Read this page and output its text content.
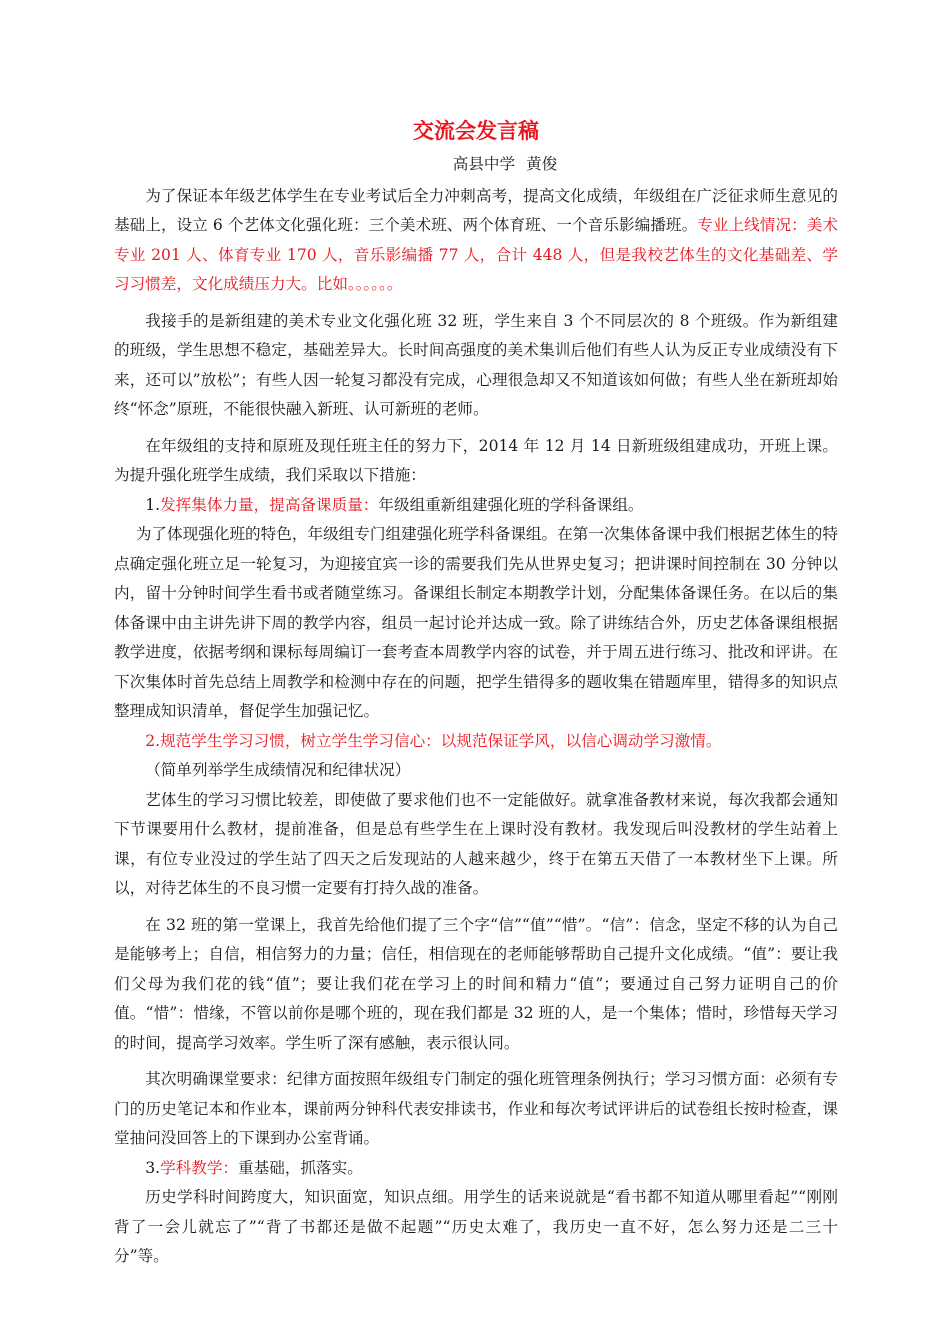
交流会发言稿
高县中学 黄俊

为了保证本年级艺体学生在专业考试后全力冲刺高考，提高文化成绩，年级组在广泛征求师生意见的基础上，设立 6 个艺体文化强化班：三个美术班、两个体育班、一个音乐影编播班。专业上线情况：美术专业 201 人、体育专业 170 人，音乐影编播 77 人，合计 448 人，但是我校艺体生的文化基础差、学习习惯差，文化成绩压力大。比如。。。。。。

我接手的是新组建的美术专业文化强化班 32 班，学生来自 3 个不同层次的 8 个班级。作为新组建的班级，学生思想不稳定，基础差异大。长时间高强度的美术集训后他们有些人认为反正专业成绩没有下来，还可以”放松”；有些人因一轮复习都没有完成，心理很急却又不知道该如何做；有些人坐在新班却始终“怀念”原班，不能很快融入新班、认可新班的老师。

在年级组的支持和原班及现任班主任的努力下，2014 年 12 月 14 日新班级组建成功，开班上课。为提升强化班学生成绩，我们采取以下措施：

1.发挥集体力量，提高备课质量：年级组重新组建强化班的学科备课组。

为了体现强化班的特色，年级组专门组建强化班学科备课组。在第一次集体备课中我们根据艺体生的特点确定强化班立足一轮复习，为迎接宜宾一诊的需要我们先从世界史复习；把讲课时间控制在 30 分钟以内，留十分钟时间学生看书或者随堂练习。备课组长制定本期教学计划，分配集体备课任务。在以后的集体备课中由主讲先讲下周的教学内容，组员一起讨论并达成一致。除了讲练结合外，历史艺体备课组根据教学进度，依据考纲和课标每周编订一套考查本周教学内容的试卷，并于周五进行练习、批改和评讲。在下次集体时首先总结上周教学和检测中存在的问题，把学生错得多的题收集在错题库里，错得多的知识点整理成知识清单，督促学生加强记忆。

2.规范学生学习习惯，树立学生学习信心：以规范保证学风，以信心调动学习激情。

（简单列举学生成绩情况和纪律状况）

艺体生的学习习惯比较差，即使做了要求他们也不一定能做好。就拿准备教材来说，每次我都会通知下节课要用什么教材，提前准备，但是总有些学生在上课时没有教材。我发现后叫没教材的学生站着上课，有位专业没过的学生站了四天之后发现站的人越来越少，终于在第五天借了一本教材坐下上课。所以，对待艺体生的不良习惯一定要有打持久战的准备。

在 32 班的第一堂课上，我首先给他们提了三个字“信”“值”“惜”。“信”：信念，坚定不移的认为自己是能够考上；自信，相信努力的力量；信任，相信现在的老师能够帮助自己提升文化成绩。“值”：要让我们父母为我们花的钱“值”；要让我们花在学习上的时间和精力“值”；要通过自己努力证明自己的价值。“惜”：惜缘，不管以前你是哪个班的，现在我们都是 32 班的人，是一个集体；惜时，珍惜每天学习的时间，提高学习效率。学生听了深有感触，表示很认同。

其次明确课堂要求：纪律方面按照年级组专门制定的强化班管理条例执行；学习习惯方面：必须有专门的历史笔记本和作业本，课前两分钟科代表安排读书，作业和每次考试评讲后的试卷组长按时检查，课堂抽问没回答上的下课到办公室背诵。

3.学科教学：重基础，抓落实。

历史学科时间跨度大，知识面宽，知识点细。用学生的话来说就是“看书都不知道从哪里看起”“刚刚背了一会儿就忘了”“背了书都还是做不起题”“历史太难了，我历史一直不好，怎么努力还是二三十分”等。
